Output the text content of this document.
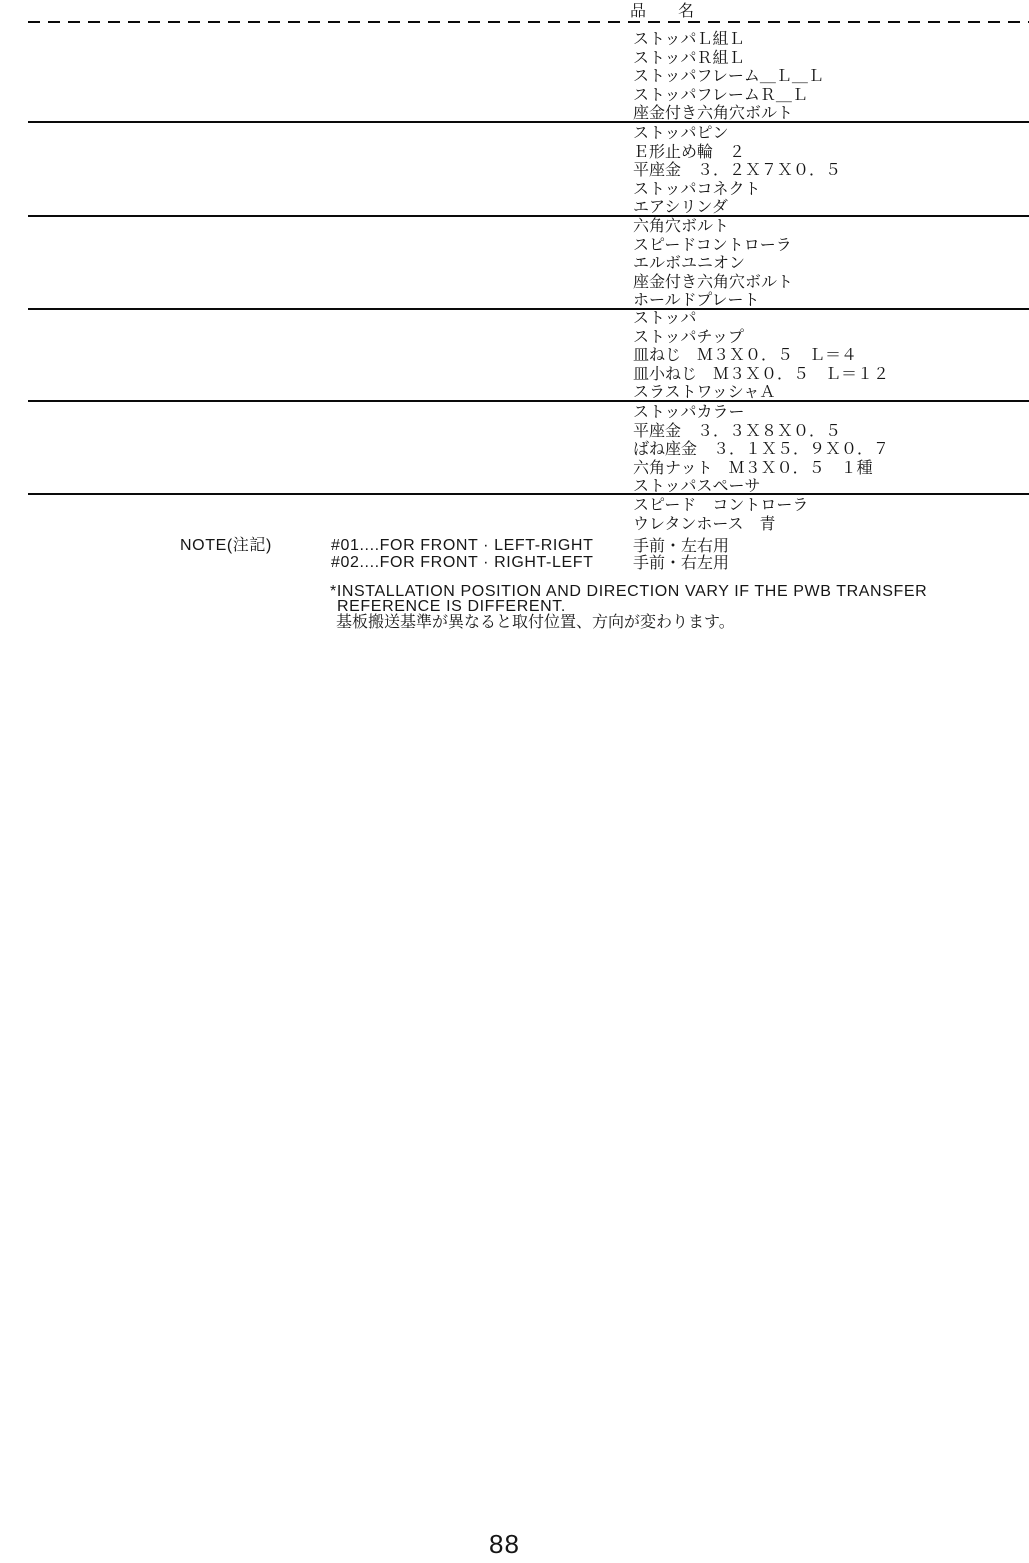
品　　名
ストッパＬ組Ｌ
ストッパＲ組Ｌ
ストッパフレーム＿Ｌ＿Ｌ
ストッパフレームＲ＿Ｌ
座金付き六角穴ボルト
ストッパピン
Ｅ形止め輪　２
平座金　３．２Ｘ７Ｘ０．５
ストッパコネクト
エアシリンダ
六角穴ボルト
スピードコントローラ
エルボユニオン
座金付き六角穴ボルト
ホールドプレート
ストッパ
ストッパチップ
皿ねじ　Ｍ３Ｘ０．５　Ｌ＝４
皿小ねじ　Ｍ３Ｘ０．５　Ｌ＝１２
スラストワッシャＡ
ストッパカラー
平座金　３．３Ｘ８Ｘ０．５
ばね座金　３．１Ｘ５．９Ｘ０．７
六角ナット　Ｍ３Ｘ０．５　１種
ストッパスペーサ
スピード　コントローラ
ウレタンホース　青
NOTE(注記)	#01....FOR FRONT · LEFT-RIGHT 手前・左右用
#02....FOR FRONT · RIGHT-LEFT 手前・右左用
*INSTALLATION POSITION AND DIRECTION VARY IF THE PWB TRANSFER
REFERENCE IS DIFFERENT.
基板搬送基準が異なると取付位置、方向が変わります。
88
